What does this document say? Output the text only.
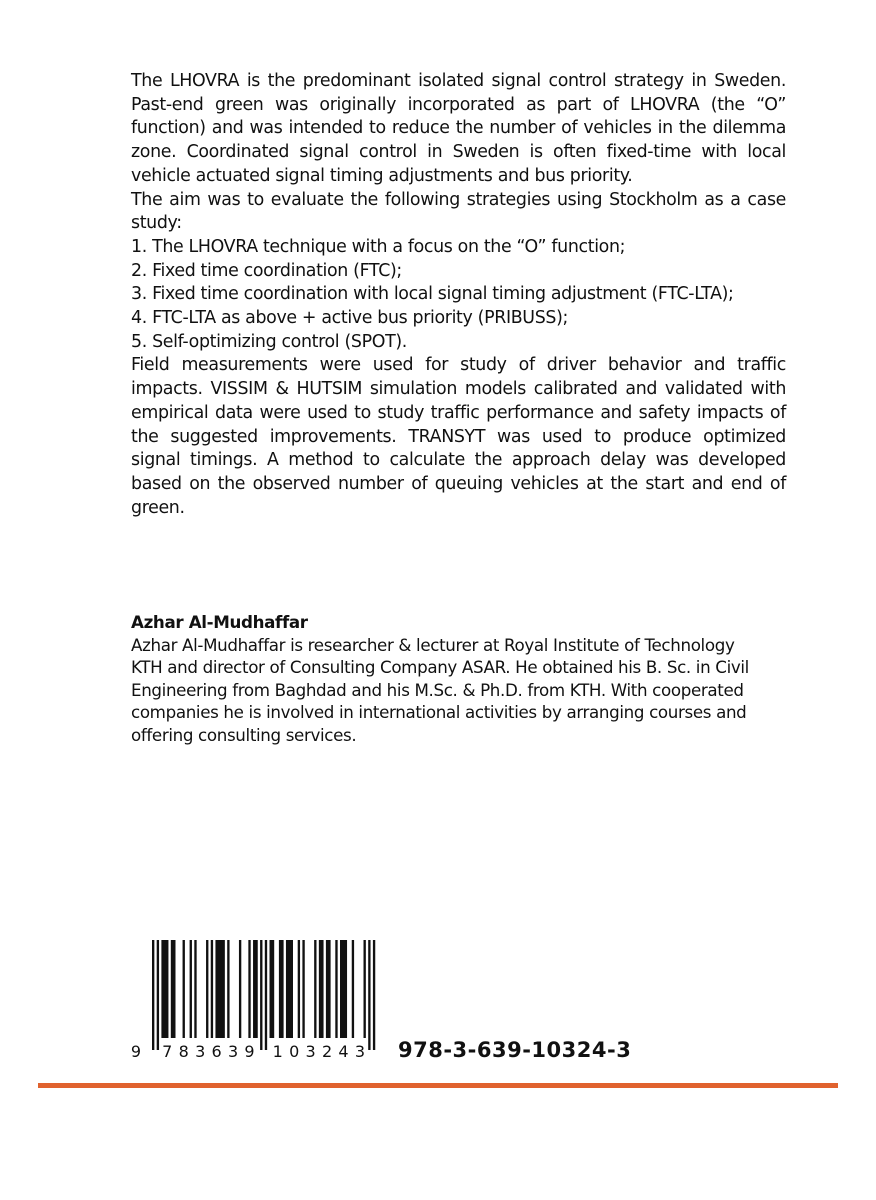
The LHOVRA is the predominant isolated signal control strategy in Sweden. Past-end green was originally incorporated as part of LHOVRA (the “O” function) and was intended to reduce the number of vehicles in the dilemma zone. Coordinated signal control in Sweden is often fixed-time with local vehicle actuated signal timing adjustments and bus priority.

The aim was to evaluate the following strategies using Stockholm as a case study:

1. The LHOVRA technique with a focus on the “O” function;
2. Fixed time coordination (FTC);
3. Fixed time coordination with local signal timing adjustment (FTC-LTA);
4. FTC-LTA as above + active bus priority (PRIBUSS);
5. Self-optimizing control (SPOT).

Field measurements were used for study of driver behavior and traffic impacts. VISSIM & HUTSIM simulation models calibrated and validated with empirical data were used to study traffic performance and safety impacts of the suggested improvements. TRANSYT was used to produce optimized signal timings. A method to calculate the approach delay was developed based on the observed number of queuing vehicles at the start and end of green.

Azhar Al-Mudhaffar

Azhar Al-Mudhaffar is researcher & lecturer at Royal Institute of Technology
KTH and director of Consulting Company ASAR. He obtained his B. Sc. in Civil
Engineering from Baghdad and his M.Sc. & Ph.D. from KTH. With cooperated
companies he is involved in international activities by arranging courses and
offering consulting services.
9 7 8 3 6 3 9 1 0 3 2 4 3 978-3-639-10324-3
